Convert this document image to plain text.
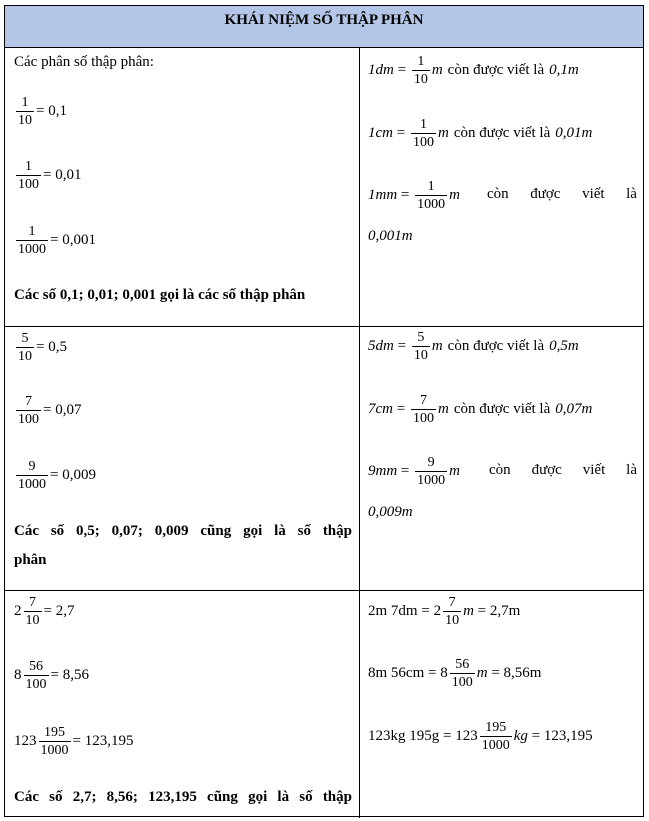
KHÁI NIỆM SỐ THẬP PHÂN
Các phân số thập phân:
$\frac{1}{10} = 0,1$
$\frac{1}{100} = 0,01$
$\frac{1}{1000} = 0,001$
Các số 0,1; 0,01; 0,001 gọi là các số thập phân
$1dm = \frac{1}{10}$ m còn được viết là 0,1m
$1cm = \frac{1}{100}$ m còn được viết là 0,01m
$1mm = \frac{1}{1000}$ m còn được viết là
0,001m
$\frac{5}{10} = 0,5$
$\frac{7}{100} = 0,07$
$\frac{9}{1000} = 0,009$
Các số 0,5; 0,07; 0,009 cũng gọi là số thập
phân
$5dm = \frac{5}{10}$ m còn được viết là 0,5m
$7cm = \frac{7}{100}$ m còn được viết là 0,07m
$9mm = \frac{9}{1000}$ m còn được viết là
0,009m
$2 \frac{7}{10} = 2,7$
$8 \frac{56}{100} = 8,56$
$123 \frac{195}{1000} = 123,195$
Các số 2,7; 8,56; 123,195 cũng gọi là số thập
2m $7dm = 2 \frac{7}{10}$ m = 2,7m
8m $56cm = 8 \frac{56}{100}$ m = 8,56m
123kg $195g = 123 \frac{195}{1000}$ kg = 123,195
